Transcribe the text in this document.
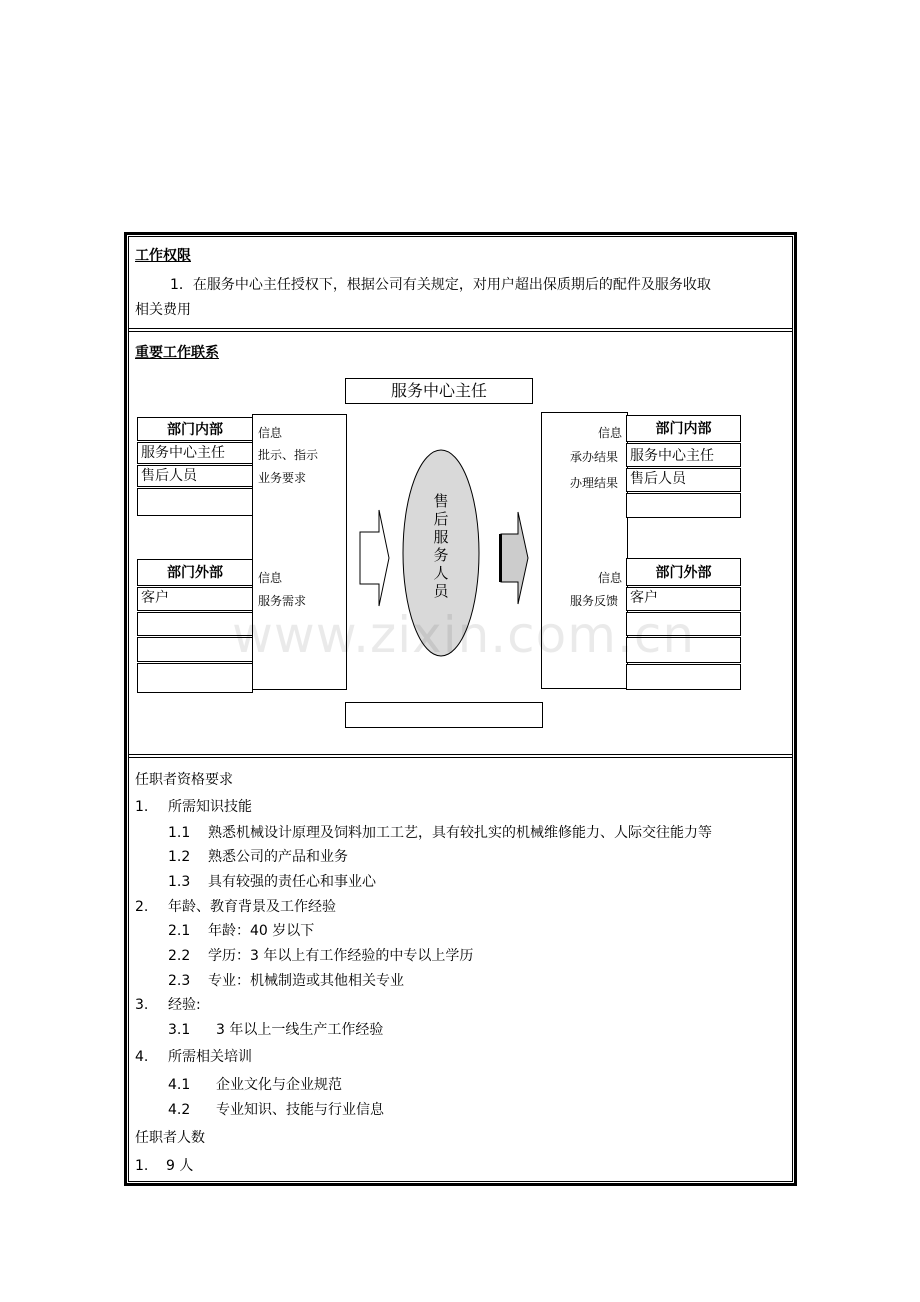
工作权限
1．在服务中心主任授权下，根据公司有关规定，对用户超出保质期后的配件及服务收取
相关费用
重要工作联系
服务中心主任
部门内部
服务中心主任
售后人员
信息
批示、指示
业务要求
部门外部
客户
信息
服务需求
部门内部
服务中心主任
售后人员
信息
承办结果
办理结果
部门外部
客户
信息
服务反馈
售
后
服
务
人
员
www.zixin.com.cn
任职者资格要求
1. 所需知识技能
1.1 熟悉机械设计原理及饲料加工工艺，具有较扎实的机械维修能力、人际交往能力等
1.2 熟悉公司的产品和业务
1.3 具有较强的责任心和事业心
2. 年龄、教育背景及工作经验
2.1 年龄：40 岁以下
2.2 学历：3 年以上有工作经验的中专以上学历
2.3 专业：机械制造或其他相关专业
3. 经验:
3.1 3 年以上一线生产工作经验
4. 所需相关培训
4.1 企业文化与企业规范
4.2 专业知识、技能与行业信息
任职者人数
1. 9 人
